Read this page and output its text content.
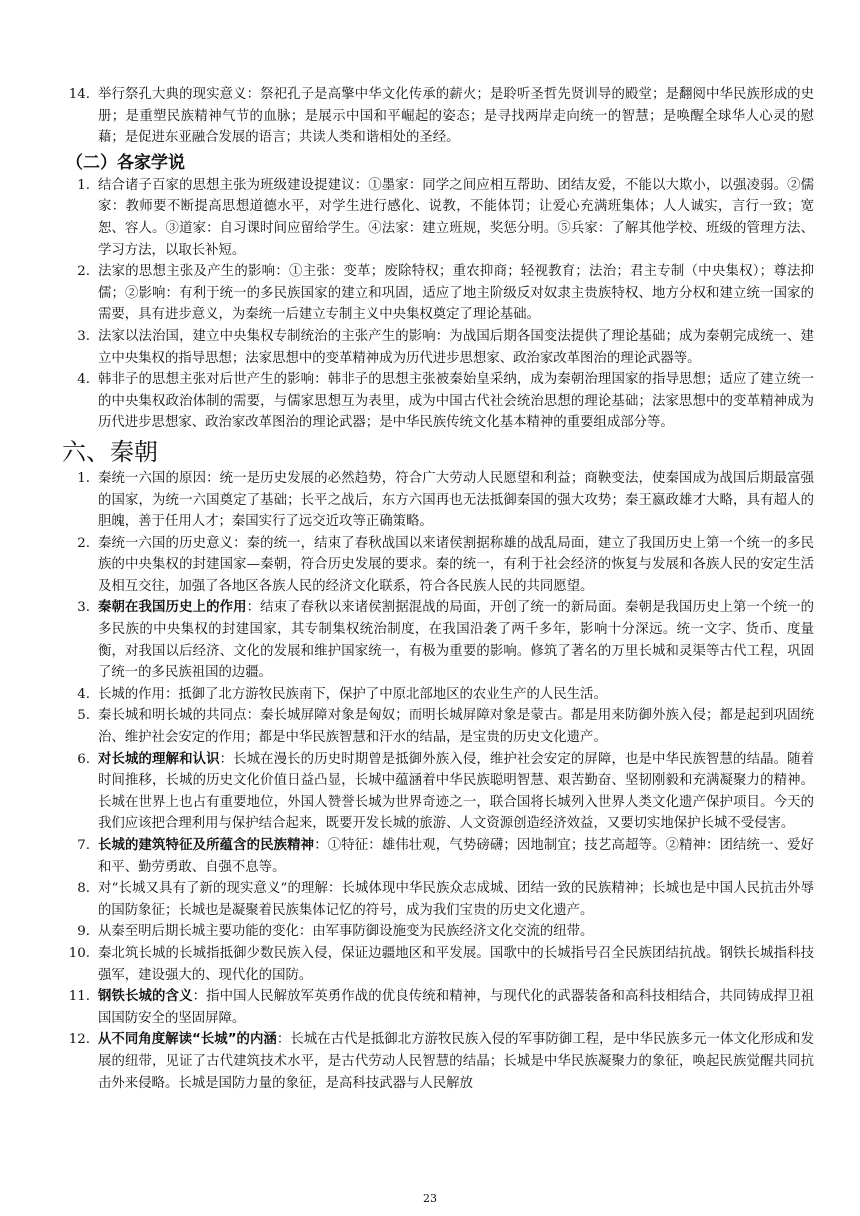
14. 举行祭孔大典的现实意义：祭祀孔子是高擎中华文化传承的薪火；是聆听圣哲先贤训导的殿堂；是翻阅中华民族形成的史册；是重塑民族精神气节的血脉；是展示中国和平崛起的姿态；是寻找两岸走向统一的智慧；是唤醒全球华人心灵的慰藉；是促进东亚融合发展的语言；共读人类和谐相处的圣经。

（二）各家学说

1. 结合诸子百家的思想主张为班级建设提建议：①墨家：同学之间应相互帮助、团结友爱，不能以大欺小，以强凌弱。②儒家：教师要不断提高思想道德水平，对学生进行感化、说教，不能体罚；让爱心充满班集体；人人诚实，言行一致；宽恕、容人。③道家：自习课时间应留给学生。④法家：建立班规，奖惩分明。⑤兵家：了解其他学校、班级的管理方法、学习方法，以取长补短。

2. 法家的思想主张及产生的影响：①主张：变革；废除特权；重农抑商；轻视教育；法治；君主专制（中央集权）；尊法抑儒；②影响：有利于统一的多民族国家的建立和巩固，适应了地主阶级反对奴隶主贵族特权、地方分权和建立统一国家的需要，具有进步意义，为秦统一后建立专制主义中央集权奠定了理论基础。

3. 法家以法治国，建立中央集权专制统治的主张产生的影响：为战国后期各国变法提供了理论基础；成为秦朝完成统一、建立中央集权的指导思想；法家思想中的变革精神成为历代进步思想家、政治家改革图治的理论武器等。

4. 韩非子的思想主张对后世产生的影响：韩非子的思想主张被秦始皇采纳，成为秦朝治理国家的指导思想；适应了建立统一的中央集权政治体制的需要，与儒家思想互为表里，成为中国古代社会统治思想的理论基础；法家思想中的变革精神成为历代进步思想家、政治家改革图治的理论武器；是中华民族传统文化基本精神的重要组成部分等。

六、秦朝

1. 秦统一六国的原因：统一是历史发展的必然趋势，符合广大劳动人民愿望和利益；商鞅变法，使秦国成为战国后期最富强的国家，为统一六国奠定了基础；长平之战后，东方六国再也无法抵御秦国的强大攻势；秦王嬴政雄才大略，具有超人的胆魄，善于任用人才；秦国实行了远交近攻等正确策略。

2. 秦统一六国的历史意义：秦的统一，结束了春秋战国以来诸侯割据称雄的战乱局面，建立了我国历史上第一个统一的多民族的中央集权的封建国家—秦朝，符合历史发展的要求。秦的统一，有利于社会经济的恢复与发展和各族人民的安定生活及相互交往，加强了各地区各族人民的经济文化联系，符合各民族人民的共同愿望。

3. 秦朝在我国历史上的作用：结束了春秋以来诸侯割据混战的局面，开创了统一的新局面。秦朝是我国历史上第一个统一的多民族的中央集权的封建国家，其专制集权统治制度，在我国沿袭了两千多年，影响十分深远。统一文字、货币、度量衡，对我国以后经济、文化的发展和维护国家统一，有极为重要的影响。修筑了著名的万里长城和灵渠等古代工程，巩固了统一的多民族祖国的边疆。

4. 长城的作用：抵御了北方游牧民族南下，保护了中原北部地区的农业生产的人民生活。

5. 秦长城和明长城的共同点：秦长城屏障对象是匈奴；而明长城屏障对象是蒙古。都是用来防御外族入侵；都是起到巩固统治、维护社会安定的作用；都是中华民族智慧和汗水的结晶，是宝贵的历史文化遗产。

6. 对长城的理解和认识：长城在漫长的历史时期曾是抵御外族入侵，维护社会安定的屏障，也是中华民族智慧的结晶。随着时间推移，长城的历史文化价值日益凸显，长城中蕴涵着中华民族聪明智慧、艰苦勤奋、坚韧刚毅和充满凝聚力的精神。长城在世界上也占有重要地位，外国人赞誉长城为世界奇迹之一，联合国将长城列入世界人类文化遗产保护项目。今天的我们应该把合理利用与保护结合起来，既要开发长城的旅游、人文资源创造经济效益，又要切实地保护长城不受侵害。

7. 长城的建筑特征及所蕴含的民族精神：①特征：雄伟壮观，气势磅礴；因地制宜；技艺高超等。②精神：团结统一、爱好和平、勤劳勇敢、自强不息等。

8. 对“长城又具有了新的现实意义”的理解：长城体现中华民族众志成城、团结一致的民族精神；长城也是中国人民抗击外辱的国防象征；长城也是凝聚着民族集体记忆的符号，成为我们宝贵的历史文化遗产。

9. 从秦至明后期长城主要功能的变化：由军事防御设施变为民族经济文化交流的纽带。

10. 秦北筑长城的长城指抵御少数民族入侵，保证边疆地区和平发展。国歌中的长城指号召全民族团结抗战。钢铁长城指科技强军，建设强大的、现代化的国防。

11. 钢铁长城的含义：指中国人民解放军英勇作战的优良传统和精神，与现代化的武器装备和高科技相结合，共同铸成捍卫祖国国防安全的坚固屏障。

12. 从不同角度解读“长城”的内涵：长城在古代是抵御北方游牧民族入侵的军事防御工程，是中华民族多元一体文化形成和发展的纽带，见证了古代建筑技术水平，是古代劳动人民智慧的结晶；长城是中华民族凝聚力的象征，唤起民族觉醒共同抗击外来侵略。长城是国防力量的象征，是高科技武器与人民解放

23
